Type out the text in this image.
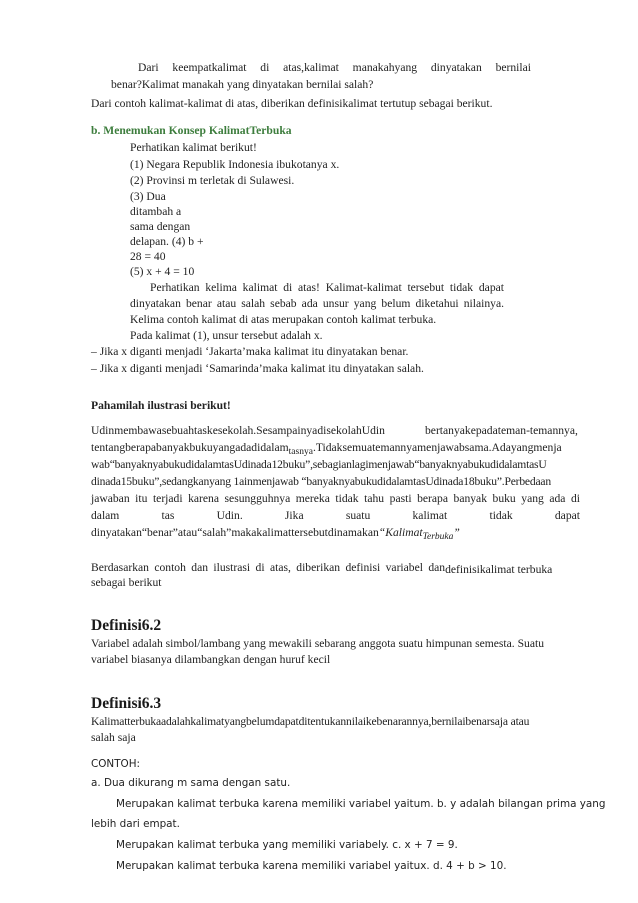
Dari keempatkalimat di atas,kalimat manakahyang dinyatakan bernilai
benar?Kalimat manakah yang dinyatakan bernilai salah?
Dari contoh kalimat-kalimat di atas, diberikan definisikalimat tertutup sebagai berikut.
b. Menemukan Konsep KalimatTerbuka
Perhatikan kalimat berikut!
(1) Negara Republik Indonesia ibukotanya x.
(2) Provinsi m terletak di Sulawesi.
(3) Dua
ditambah a
sama dengan
delapan. (4) b +
28 = 40
(5) x + 4 = 10
Perhatikan kelima kalimat di atas! Kalimat-kalimat tersebut tidak dapat
dinyatakan benar atau salah sebab ada unsur yang belum diketahui nilainya.
Kelima contoh kalimat di atas merupakan contoh kalimat terbuka.
Pada kalimat (1), unsur tersebut adalah x.
– Jika x diganti menjadi ‘Jakarta’maka kalimat itu dinyatakan benar.
– Jika x diganti menjadi ‘Samarinda’maka kalimat itu dinyatakan salah.
Pahamilah ilustrasi berikut!
Udinmembawasebuahtaskesekolah.SesampainyadisekolahUdin	bertanyakepadateman-temannya,
tentangberapabanyakbukuyangadadidalam$_{tasnya}$.Tidaksemuatemannyamenjawabsama.Adayangmenja
wab“banyaknyabukudidalamtasUdinada12buku”,sebagianlagimenjawab“banyaknyabukudidalamtasU
dinada15buku”,sedangkanyang 1ainmenjawab “banyaknyabukudidalamtasUdinada18buku”.Perbedaan
jawaban itu terjadi karena sesungguhnya mereka tidak tahu pasti berapa banyak buku yang ada di
dalam	tas	Udin.	Jika	suatu	kalimat	tidak	dapat
dinyatakan“benar”atau“salah”makakalimattersebutdinamakan“Kalimat$_{Terbuka}$”
Berdasarkan contoh dan ilustrasi di atas, diberikan definisi variabel dandefinisikalimat terbuka
sebagai berikut
Definisi6.2
Variabel adalah simbol/lambang yang mewakili sebarang anggota suatu himpunan semesta. Suatu
variabel biasanya dilambangkan dengan huruf kecil
Definisi6.3
Kalimatterbukaadalahkalimatyangbelumdapatditentukannilaikebenarannya,bernilaibenarsaja atau
salah saja
CONTOH:
a. Dua dikurang m sama dengan satu.
Merupakan kalimat terbuka karena memiliki variabel yaitum. b. y adalah bilangan prima yang
lebih dari empat.
Merupakan kalimat terbuka yang memiliki variabely. c. x + 7 = 9.
Merupakan kalimat terbuka karena memiliki variabel yaitux. d. 4 + b > 10.
